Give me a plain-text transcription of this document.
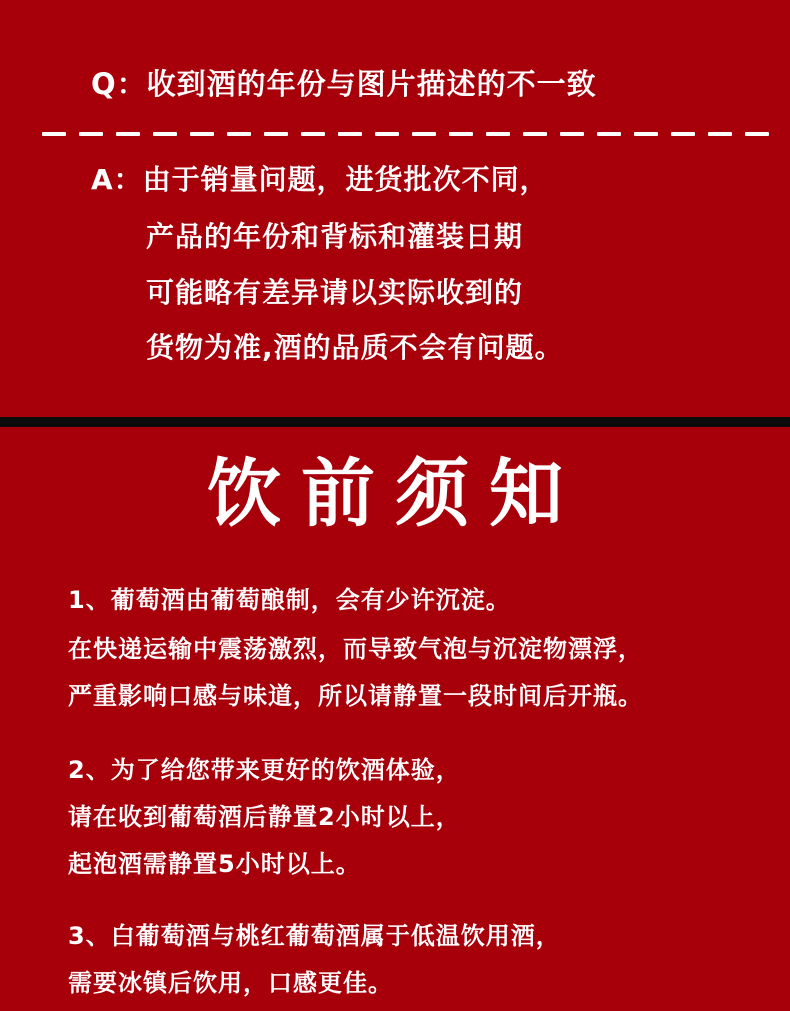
Q：收到酒的年份与图片描述的不一致
A：由于销量问题，进货批次不同，
产品的年份和背标和灌装日期
可能略有差异请以实际收到的
货物为准,酒的品质不会有问题。
饮前须知
1、葡萄酒由葡萄酿制，会有少许沉淀。
在快递运输中震荡激烈，而导致气泡与沉淀物漂浮，
严重影响口感与味道，所以请静置一段时间后开瓶。
2、为了给您带来更好的饮酒体验，
请在收到葡萄酒后静置2小时以上，
起泡酒需静置5小时以上。
3、白葡萄酒与桃红葡萄酒属于低温饮用酒，
需要冰镇后饮用，口感更佳。
